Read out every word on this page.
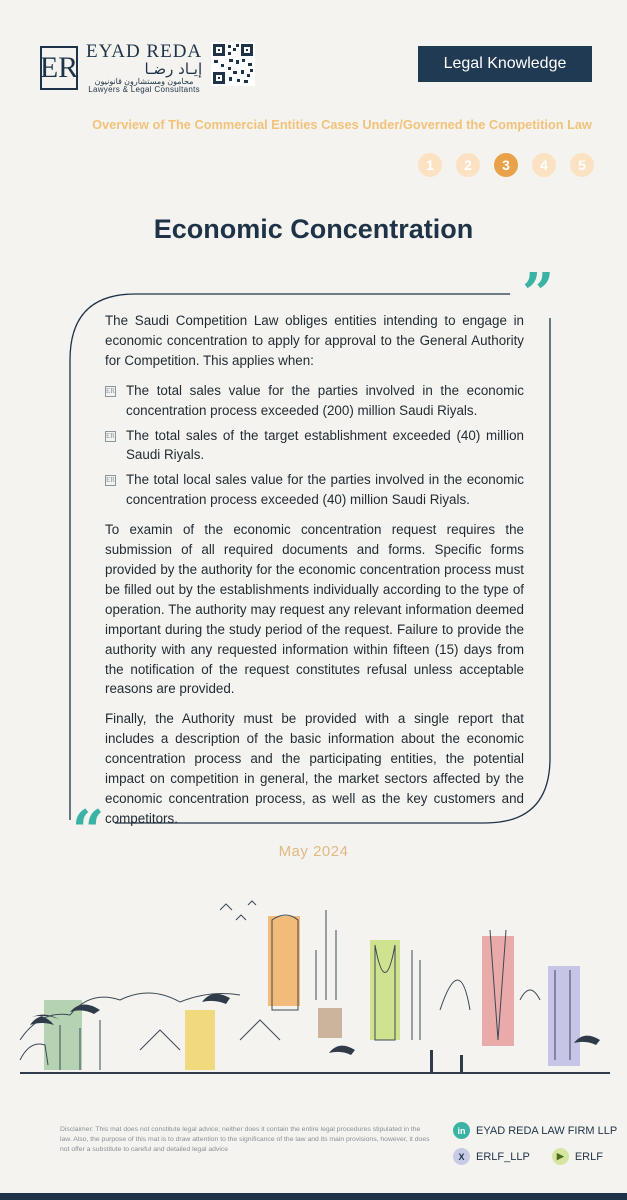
ER EYAD REDA
إيـاد رضـا
محامون ومستشارون قانونيون
Lawyers & Legal Consultants
Legal Knowledge
Overview of The Commercial Entities Cases Under/Governed the Competition Law
1	2	3	4	5
Economic Concentration
”

The Saudi Competition Law obliges entities intending to engage in economic concentration to apply for approval to the General Authority for Competition. This applies when:

ER The total sales value for the parties involved in the economic concentration process exceeded (200) million Saudi Riyals.
ER The total sales of the target establishment exceeded (40) million Saudi Riyals.
ER The total local sales value for the parties involved in the economic concentration process exceeded (40) million Saudi Riyals.

To examin of the economic concentration request requires the submission of all required documents and forms. Specific forms provided by the authority for the economic concentration process must be filled out by the establishments individually according to the type of operation. The authority may request any relevant information deemed important during the study period of the request. Failure to provide the authority with any requested information within fifteen (15) days from the notification of the request constitutes refusal unless acceptable reasons are provided.

Finally, the Authority must be provided with a single report that includes a description of the basic information about the economic concentration process and the participating entities, the potential impact on competition in general, the market sectors affected by the economic concentration process, as well as the key customers and competitors.

“	May 2024
Disclaimer: This mat does not constitute legal advice; neither does it contain the entire legal procedures stipulated in the law. Also, the purpose of this mat is to draw attention to the significance of the law and its main provisions, however, it does not offer a substitute to careful and detailed legal advice
in EYAD REDA LAW FIRM LLP
X	ERLF_LLP	▶	ERLF
